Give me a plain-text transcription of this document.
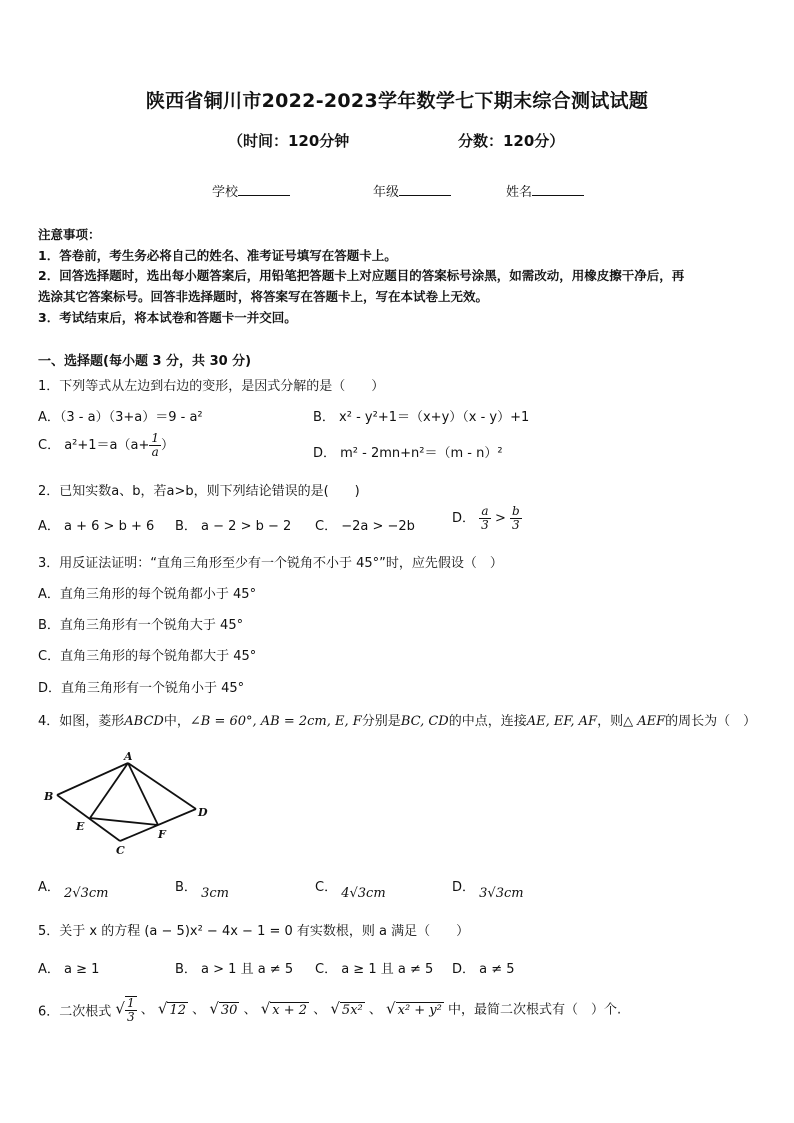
陕西省铜川市2022-2023学年数学七下期末综合测试试题
（时间：120分钟	分数：120分）
学校	年级	姓名
注意事项：
1．答卷前，考生务必将自己的姓名、准考证号填写在答题卡上。
2．回答选择题时，选出每小题答案后，用铅笔把答题卡上对应题目的答案标号涂黑，如需改动，用橡皮擦干净后，再
选涂其它答案标号。回答非选择题时，将答案写在答题卡上，写在本试卷上无效。
3．考试结束后，将本试卷和答题卡一并交回。
一、选择题(每小题 3 分，共 30 分)
1．下列等式从左边到右边的变形，是因式分解的是（　　）
A．（3 - a）（3+a）＝9 - a²	B． x² - y²+1＝（x+y）（x - y）+1
C． $a^2+1=a(a+ \frac{1}{a}$ ）
D． m² - 2mn+n²＝（m - n）²
2．已知实数a、b，若a>b，则下列结论错误的是(　　)
A． a + 6 > b + 6 B． a − 2 > b − 2 C． −2a > −2b
D． $\frac{a}{3} > \frac{b}{3}$
3．用反证法证明：“直角三角形至少有一个锐角不小于 45°”时，应先假设（　）
A．直角三角形的每个锐角都小于 45°
B．直角三角形有一个锐角大于 45°
C．直角三角形的每个锐角都大于 45°
D．直角三角形有一个锐角小于 45°
4．如图，菱形ABCD中，∠B = 60°, AB = 2cm, E, F分别是BC, CD的中点，连接AE, EF, AF，则△ AEF的周长为（　）
A
B
E
C
F
D
A． 2√3cm	B． 3cm	C． 4√3cm	D． 3√3cm
5．关于 x 的方程 (a − 5)x² − 4x − 1 = 0 有实数根，则 a 满足（　　）
A． a ≥ 1	B． a > 1 且 a ≠ 5 C． a ≥ 1 且 a ≠ 5 D． a ≠ 5
6．二次根式 √ $\frac{1}{3}$ 、 √ 12 、 √ 30 、 √ x + 2 、 √ 5x² 、 √ x² + y² 中，最简二次根式有（　）个.
